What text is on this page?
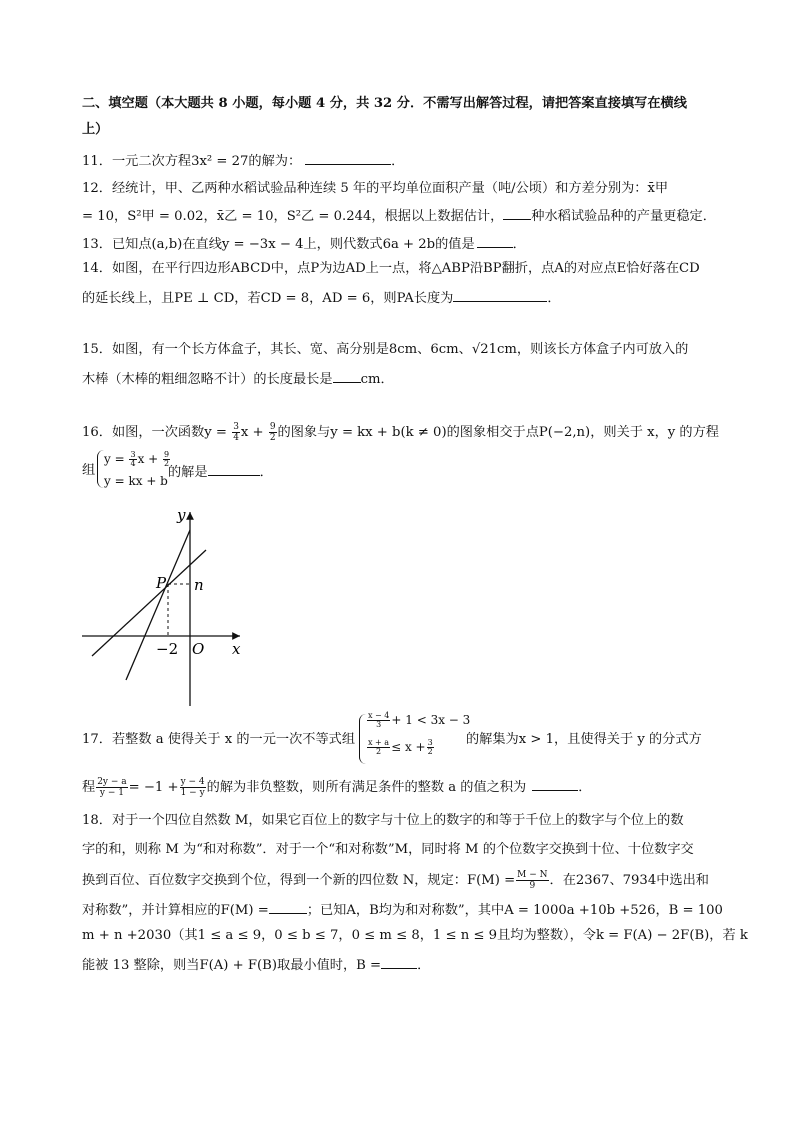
二、填空题（本大题共 8 小题，每小题 4 分，共 32 分．不需写出解答过程，请把答案直接填写在横线
上）
11．一元二次方程3x² = 27的解为：	．
12．经统计，甲、乙两种水稻试验品种连续 5 年的平均单位面积产量（吨/公顷）和方差分别为：x̄甲
= 10，S²甲 = 0.02，x̄乙 = 10，S²乙 = 0.244，根据以上数据估计， 种水稻试验品种的产量更稳定．
13．已知点(a,b)在直线y = −3x − 4上，则代数式6a + 2b的值是	．
14．如图，在平行四边形ABCD中，点P为边AD上一点，将△ABP沿BP翻折，点A的对应点E恰好落在CD
的延长线上，且PE ⊥ CD，若CD = 8，AD = 6，则PA长度为	．
15．如图，有一个长方体盒子，其长、宽、高分别是8cm、6cm、√21cm，则该长方体盒子内可放入的
木棒（木棒的粗细忽略不计）的长度最长是 cm．
16．如图，一次函数$y = \frac{3}{4}$ $x + \frac{9}{2}$ 的图象与y = kx + b(k ≠ 0)的图象相交于点P(−2,n)，则关于 x，y 的方程
组
$y = \frac{3}{4}$ $x + \frac{9}{2}$
y = kx + b
的解是	．
y
x
P n
−2 O
17．若整数 a 使得关于 x 的一元一次不等式组
$\frac{x - 4}{3} + 1 < 3x - 3$
$\frac{x + a}{2} \le x + \frac{3}{2}$ 的解集为x > 1，且使得关于 y 的分式方
程 $\frac{2y - a}{y - 1} = -1 + \frac{y - 4}{1 - y}$ 的解为非负整数，则所有满足条件的整数 a 的值之积为	．
18．对于一个四位自然数 M，如果它百位上的数字与十位上的数字的和等于千位上的数字与个位上的数
字的和，则称 M 为“和对称数”．对于一个“和对称数”M，同时将 M 的个位数字交换到十位、十位数字交
换到百位、百位数字交换到个位，得到一个新的四位数 N，规定：$F(M) = \frac{M - N}{9}$ ．在2367、7934中选出和
对称数”，并计算相应的F(M) =	；已知A，B均为和对称数”，其中A = 1000a +10b +526，B = 100
m + n +2030（其1 ≤ a ≤ 9，0 ≤ b ≤ 7，0 ≤ m ≤ 8，1 ≤ n ≤ 9且均为整数），令k = F(A) − 2F(B)，若 k
能被 13 整除，则当F(A) + F(B)取最小值时，B =	．
